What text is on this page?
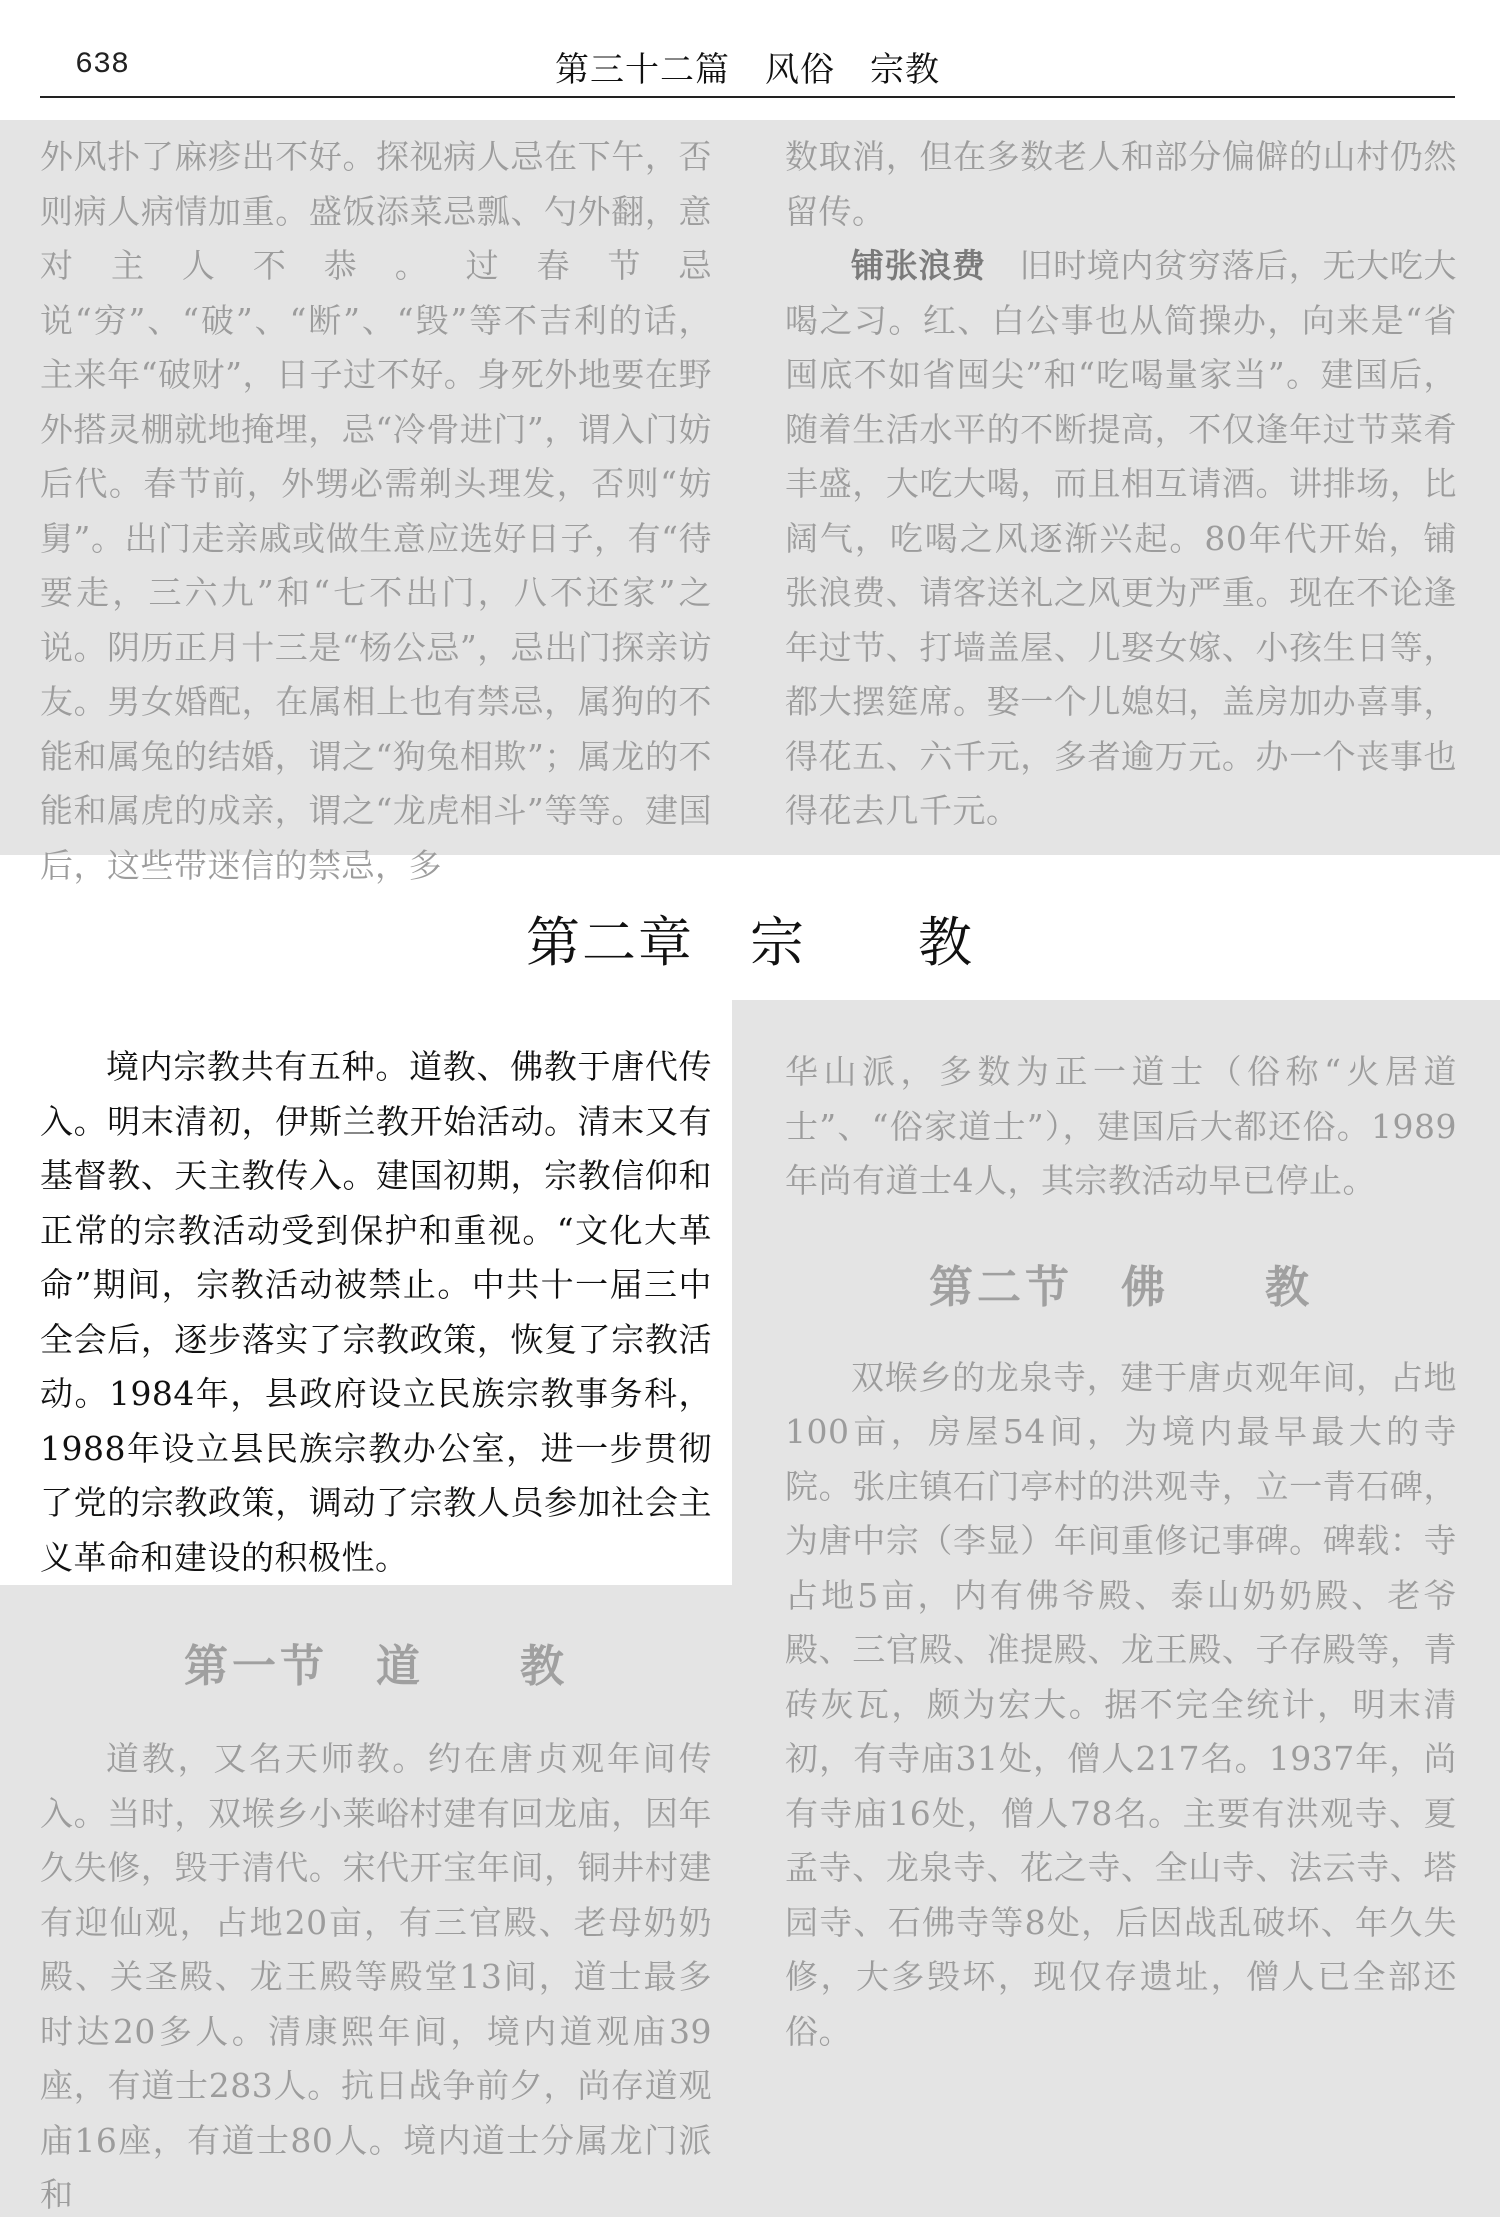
638	第三十二篇　风俗　宗教

外风扑了麻疹出不好。探视病人忌在下午，否则病人病情加重。盛饭添菜忌瓢、勺外翻，意对主人不恭。过春节忌说“穷”、“破”、“断”、“毁”等不吉利的话，主来年“破财”，日子过不好。身死外地要在野外搭灵棚就地掩埋，忌“冷骨进门”，谓入门妨后代。春节前，外甥必需剃头理发，否则“妨舅”。出门走亲戚或做生意应选好日子，有“待要走，三六九”和“七不出门，八不还家”之说。阴历正月十三是“杨公忌”，忌出门探亲访友。男女婚配，在属相上也有禁忌，属狗的不能和属兔的结婚，谓之“狗兔相欺”；属龙的不能和属虎的成亲，谓之“龙虎相斗”等等。建国后，这些带迷信的禁忌，多

数取消，但在多数老人和部分偏僻的山村仍然留传。

铺张浪费　旧时境内贫穷落后，无大吃大喝之习。红、白公事也从简操办，向来是“省囤底不如省囤尖”和“吃喝量家当”。建国后，随着生活水平的不断提高，不仅逢年过节菜肴丰盛，大吃大喝，而且相互请酒。讲排场，比阔气，吃喝之风逐渐兴起。80年代开始，铺张浪费、请客送礼之风更为严重。现在不论逢年过节、打墙盖屋、儿娶女嫁、小孩生日等，都大摆筵席。娶一个儿媳妇，盖房加办喜事，得花五、六千元，多者逾万元。办一个丧事也得花去几千元。

第二章　宗　　教

境内宗教共有五种。道教、佛教于唐代传入。明末清初，伊斯兰教开始活动。清末又有基督教、天主教传入。建国初期，宗教信仰和正常的宗教活动受到保护和重视。“文化大革命”期间，宗教活动被禁止。中共十一届三中全会后，逐步落实了宗教政策，恢复了宗教活动。1984年，县政府设立民族宗教事务科，1988年设立县民族宗教办公室，进一步贯彻了党的宗教政策，调动了宗教人员参加社会主义革命和建设的积极性。

第一节　道　　教

道教，又名天师教。约在唐贞观年间传入。当时，双堠乡小莱峪村建有回龙庙，因年久失修，毁于清代。宋代开宝年间，铜井村建有迎仙观，占地20亩，有三官殿、老母奶奶殿、关圣殿、龙王殿等殿堂13间，道士最多时达20多人。清康熙年间，境内道观庙39座，有道士283人。抗日战争前夕，尚存道观庙16座，有道士80人。境内道士分属龙门派和

华山派，多数为正一道士（俗称“火居道士”、“俗家道士”），建国后大都还俗。1989年尚有道士4人，其宗教活动早已停止。

第二节　佛　　教

双堠乡的龙泉寺，建于唐贞观年间，占地100亩，房屋54间，为境内最早最大的寺院。张庄镇石门亭村的洪观寺，立一青石碑，为唐中宗（李显）年间重修记事碑。碑载：寺占地5亩，内有佛爷殿、泰山奶奶殿、老爷殿、三官殿、准提殿、龙王殿、子存殿等，青砖灰瓦，颇为宏大。据不完全统计，明末清初，有寺庙31处，僧人217名。1937年，尚有寺庙16处，僧人78名。主要有洪观寺、夏孟寺、龙泉寺、花之寺、全山寺、法云寺、塔园寺、石佛寺等8处，后因战乱破坏、年久失修，大多毁坏，现仅存遗址，僧人已全部还俗。
